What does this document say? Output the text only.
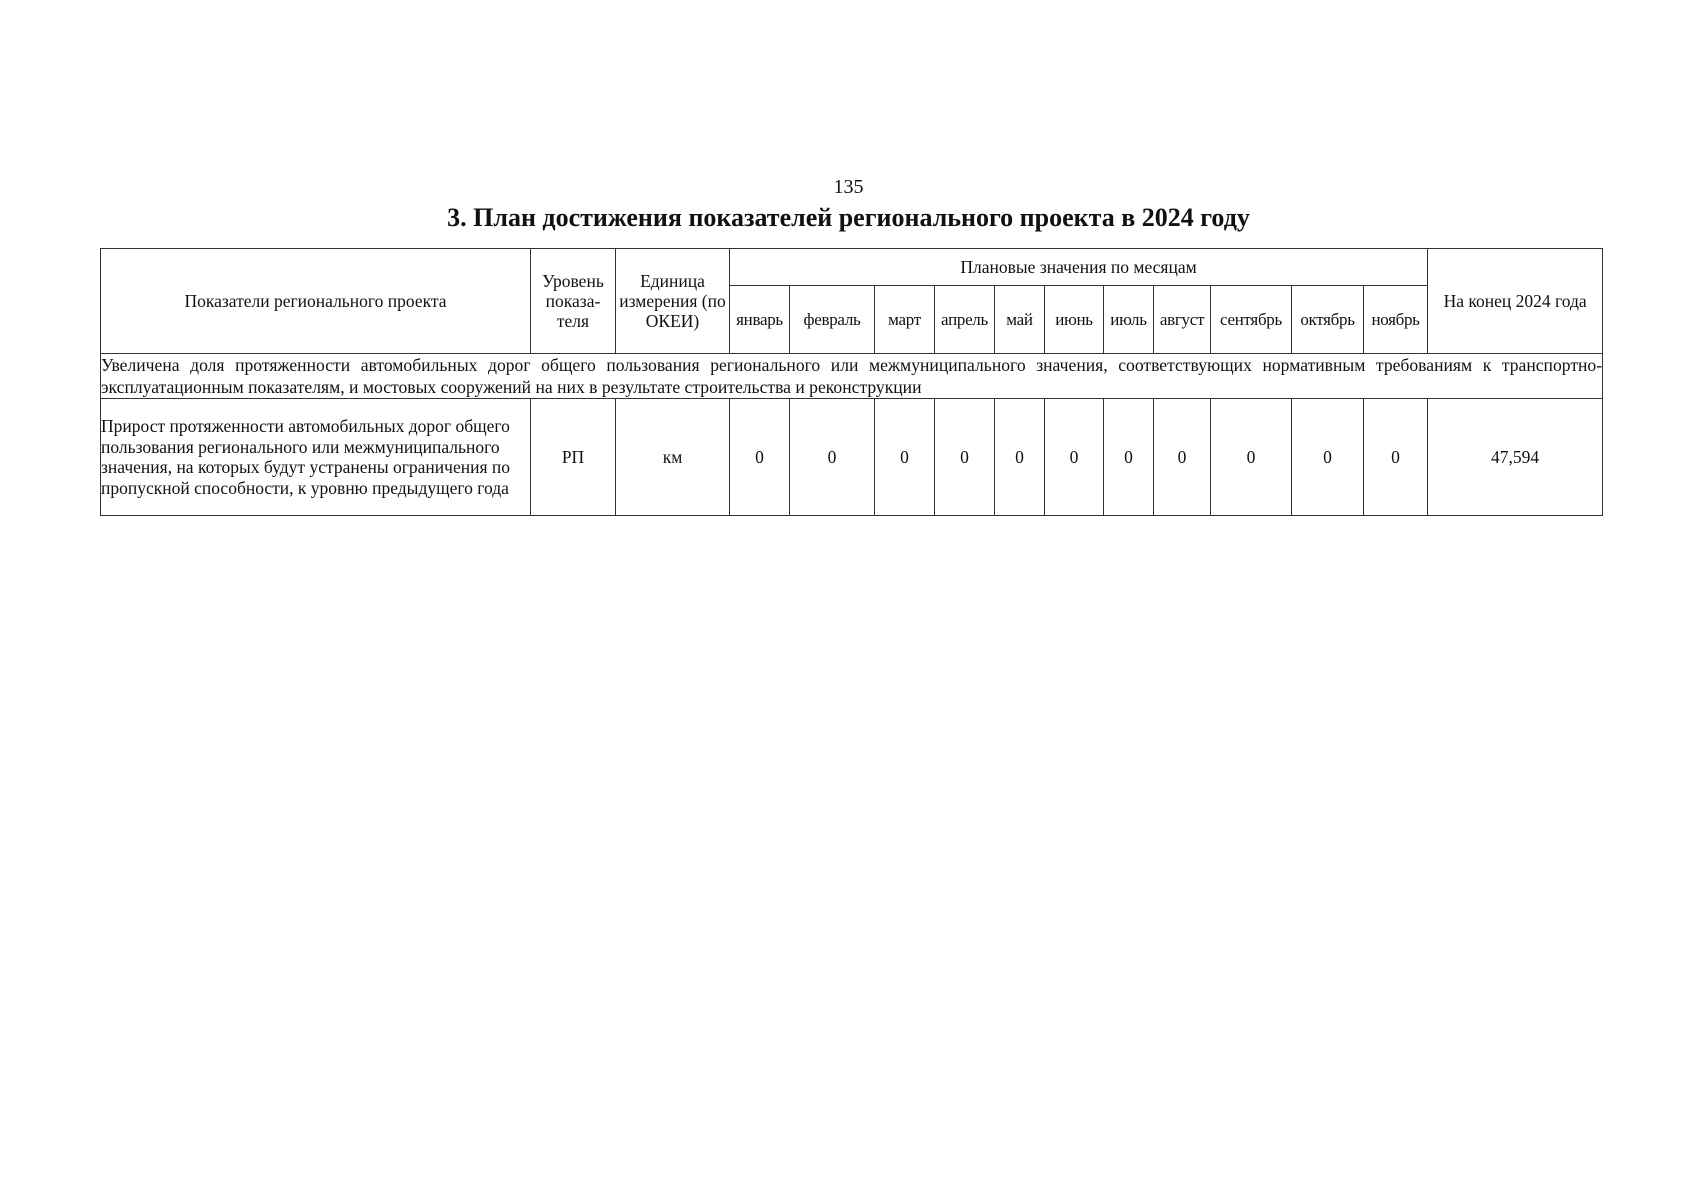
135
3. План достижения показателей регионального проекта в 2024 году
Показатели регионального проекта	Уровень показа-теля	Единица измерения (по ОКЕИ)	Плановые значения по месяцам											На конец 2024 года
			январь	февраль	март	апрель	май	июнь	июль	август	сентябрь	октябрь	ноябрь	
Увеличена доля протяженности автомобильных дорог общего пользования регионального или межмуниципального значения, соответствующих нормативным требованиям к транспортно-эксплуатационным показателям, и мостовых сооружений на них в результате строительства и реконструкции														
Прирост протяженности автомобильных дорог общего пользования регионального или межмуниципального значения, на которых будут устранены ограничения по пропускной способности, к уровню предыдущего года	РП	км	0	0	0	0	0	0	0	0	0	0	0	47,594
